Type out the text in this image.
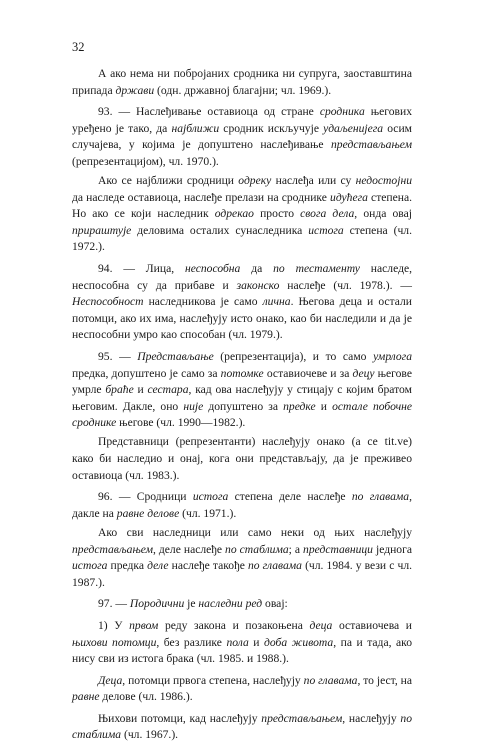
32

А ако нема ни побројаних сродника ни супруга, заоставштина припада држави (одн. државној благајни; чл. 1969.).

93. — Наслеђивање оставиоца од стране сродника његових уређено је тако, да најближи сродник искључује удаљенијега осим случајева, у којима је допуштено наслеђивање представљањем (репрезентацијом), чл. 1970.).

Ако се најближи сродници одреку наслеђа или су недостојни да наследе оставиоца, наслеђе прелази на сроднике идућега степена. Но ако се који наследник одрекао просто свога дела, онда овај прираштује деловима осталих сунаследника истога степена (чл. 1972.).

94. — Лица, неспособна да по тестаменту наследе, неспособна су да прибаве и законско наслеђе (чл. 1978.). — Неспособност наследникова је само лична. Његова деца и остали потомци, ако их има, наслеђују исто онако, као би наследили и да је неспособни умро као способан (чл. 1979.).

95. — Представљање (репрезентација), и то само умрлога предка, допуштено је само за потомке оставиочеве и за децу његове умрле браће и сестара, кад ова наслеђују у стицају с којим братом његовим. Дакле, оно није допуштено за предке и остале побочне сроднике његове (чл. 1990—1982.).

Представници (репрезентанти) наслеђују онако (а се tit.ve) како би наследио и онај, кога они представљају, да је преживео оставиоца (чл. 1983.).

96. — Сродници истога степена деле наслеђе по главама, дакле на равне делове (чл. 1971.).

Ако сви наследници или само неки од њих наслеђују представљањем, деле наслеђе по стаблима; а представници једнога истога предка деле наслеђе такође по главама (чл. 1984. у вези с чл. 1987.).

97. — Породични је наследни ред овај:

1) У првом реду закона и позакоњена деца оставиочева и њихови потомци, без разлике пола и доба живота, па и тада, ако нису сви из истога брака (чл. 1985. и 1988.).

Деца, потомци првога степена, наслеђују по главама, то јест, на равне делове (чл. 1986.).

Њихови потомци, кад наслеђују представљањем, наслеђују по стаблима (чл. 1967.).
